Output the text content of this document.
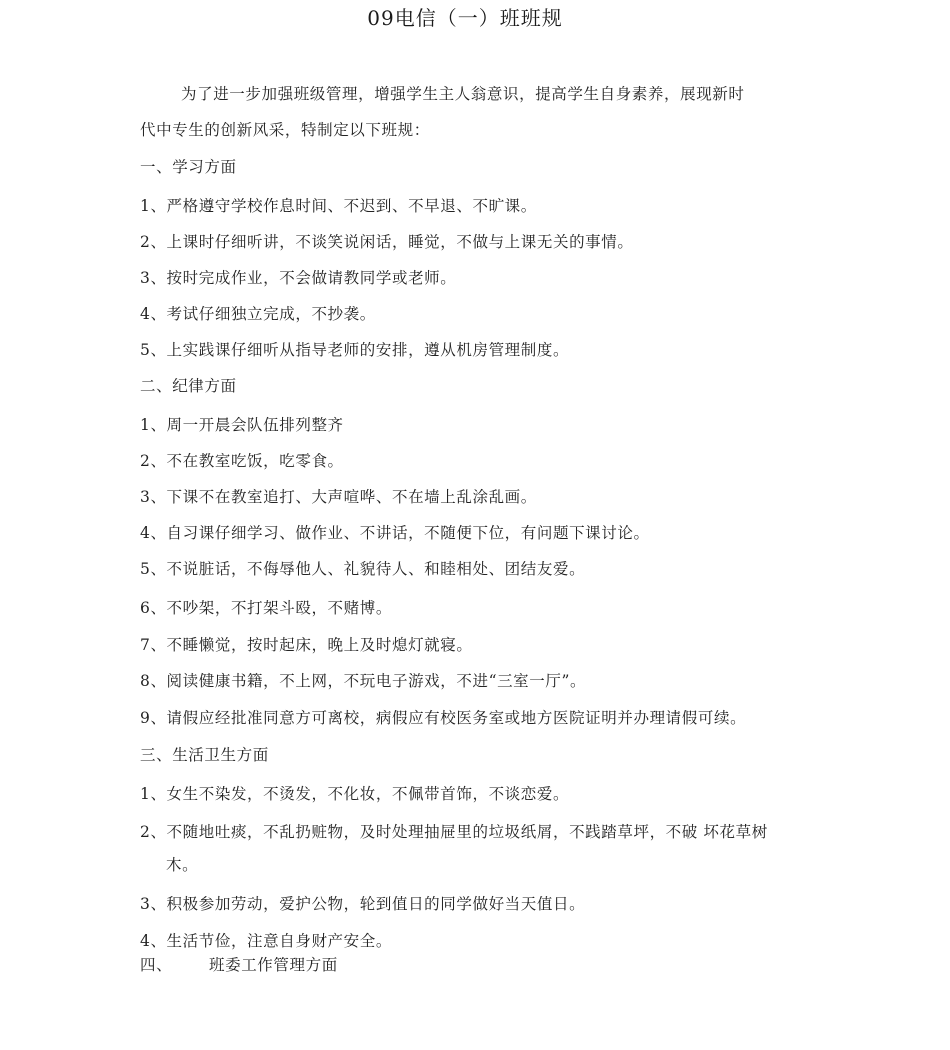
09电信（一）班班规
为了进一步加强班级管理，增强学生主人翁意识，提高学生自身素养，展现新时
代中专生的创新风采，特制定以下班规：
一、学习方面
1、严格遵守学校作息时间、不迟到、不早退、不旷课。
2、上课时仔细听讲，不谈笑说闲话，睡觉，不做与上课无关的事情。
3、按时完成作业，不会做请教同学或老师。
4、考试仔细独立完成，不抄袭。
5、上实践课仔细听从指导老师的安排，遵从机房管理制度。
二、纪律方面
1、周一开晨会队伍排列整齐
2、不在教室吃饭，吃零食。
3、下课不在教室追打、大声喧哗、不在墙上乱涂乱画。
4、自习课仔细学习、做作业、不讲话，不随便下位，有问题下课讨论。
5、不说脏话，不侮辱他人、礼貌待人、和睦相处、团结友爱。
6、不吵架，不打架斗殴，不赌博。
7、不睡懒觉，按时起床，晚上及时熄灯就寝。
8、阅读健康书籍，不上网，不玩电子游戏，不进“三室一厅”。
9、请假应经批准同意方可离校，病假应有校医务室或地方医院证明并办理请假可续。
三、生活卫生方面
1、女生不染发，不烫发，不化妆，不佩带首饰，不谈恋爱。
2、不随地吐痰，不乱扔赃物，及时处理抽屉里的垃圾纸屑，不践踏草坪，不破 坏花草树
木。
3、积极参加劳动，爱护公物，轮到值日的同学做好当天值日。
4、生活节俭，注意自身财产安全。
四、 班委工作管理方面
